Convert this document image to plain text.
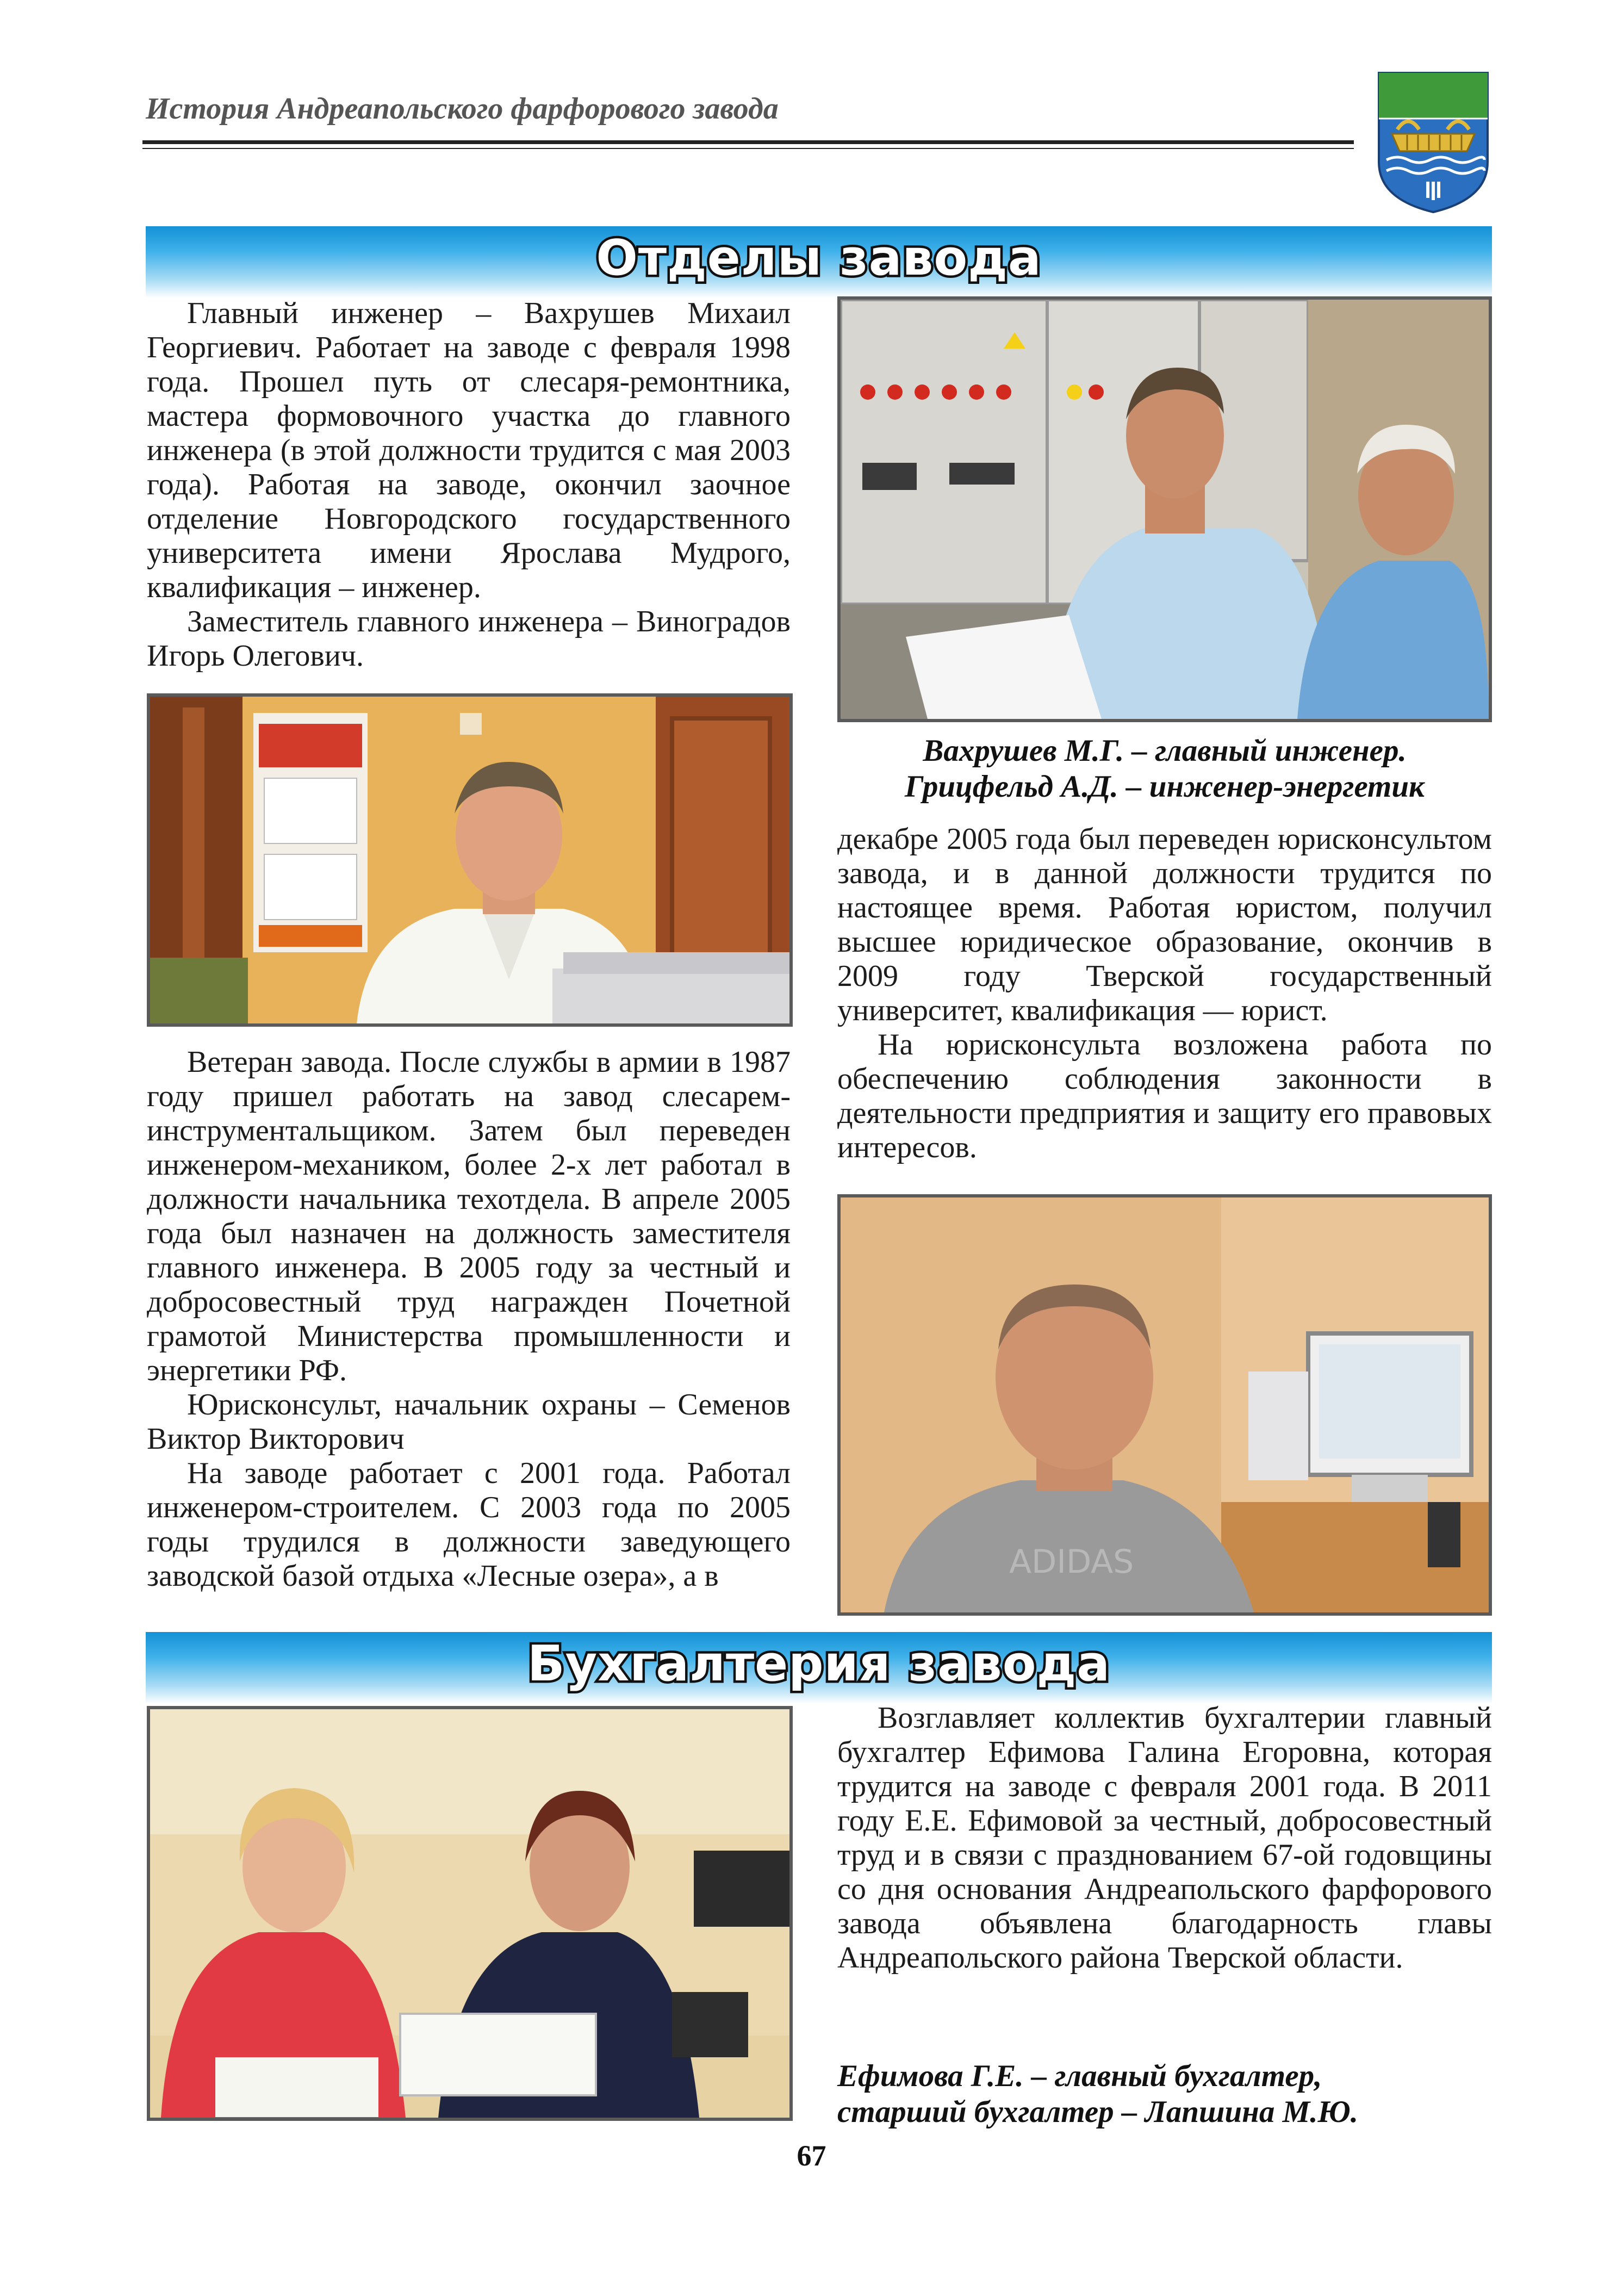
История Андреапольского фарфорового завода
Отделы завода

Главный инженер – Вахрушев Михаил Георгиевич. Работает на заводе с февраля 1998 года. Прошел путь от слесаря-ремонтника, мастера формовочного участка до главного инженера (в этой должности трудится с мая 2003 года). Работая на заводе, окончил заочное отделение Новгородского государственного университета имени Ярослава Мудрого, квалификация – инженер.

Заместитель главного инженера – Виноградов Игорь Олегович.

Ветеран завода. После службы в армии в 1987 году пришел работать на завод слесарем-инструментальщиком. Затем был переведен инженером-механиком, более 2-х лет работал в должности начальника техотдела. В апреле 2005 года был назначен на должность заместителя главного инженера. В 2005 году за честный и добросовестный труд награжден Почетной грамотой Министерства промышленности и энергетики РФ.

Юрисконсульт, начальник охраны – Семенов Виктор Викторович

На заводе работает с 2001 года. Работал инженером-строителем. С 2003 года по 2005 годы трудился в должности заведующего заводской базой отдыха «Лесные озера», а в

Вахрушев М.Г. – главный инженер.
Грицфельд А.Д. – инженер-энергетик

декабре 2005 года был переведен юрисконсультом завода, и в данной должности трудится по настоящее время. Работая юристом, получил высшее юридическое образование, окончив в 2009 году Тверской государственный университет, квалификация — юрист.

На юрисконсульта возложена работа по обеспечению соблюдения законности в деятельности предприятия и защиту его правовых интересов.

ADIDAS
Бухгалтерия завода

Возглавляет коллектив бухгалтерии главный бухгалтер Ефимова Галина Егоровна, которая трудится на заводе с февраля 2001 года. В 2011 году Е.Е. Ефимовой за честный, добросовестный труд и в связи с празднованием 67-ой годовщины со дня основания Андреапольского фарфорового завода объявлена благодарность главы Андреапольского района Тверской области.

Ефимова Г.Е. – главный бухгалтер,
старший бухгалтер – Лапшина М.Ю.
67
